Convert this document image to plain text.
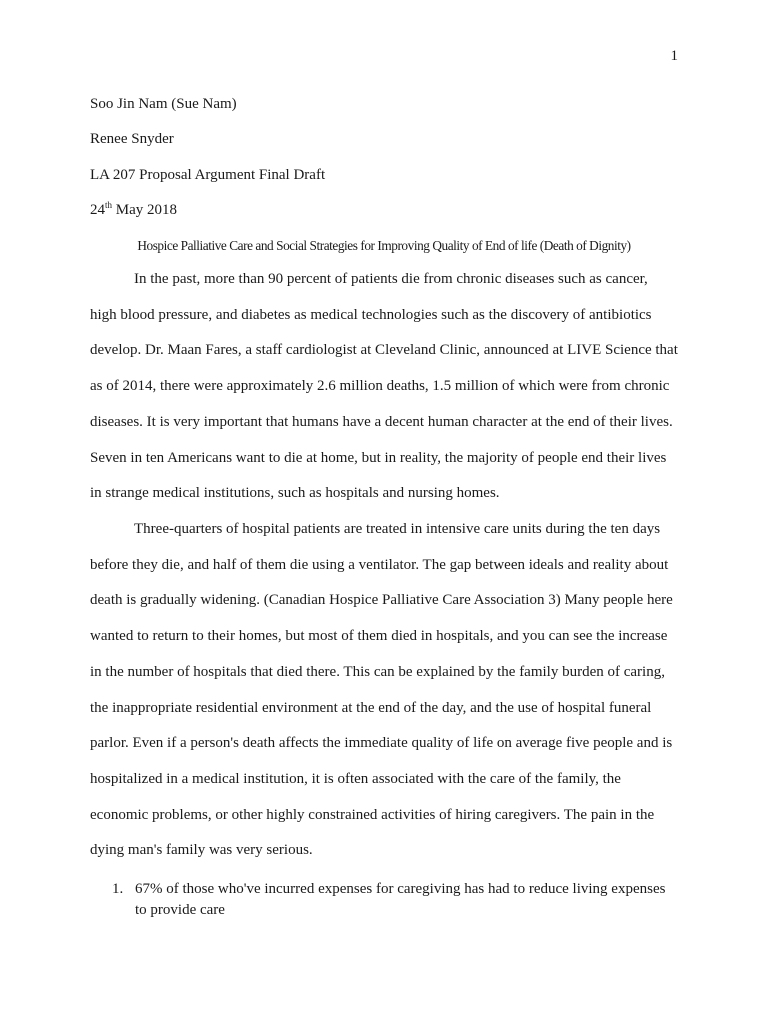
1
Soo Jin Nam (Sue Nam)
Renee Snyder
LA 207 Proposal Argument Final Draft
24th May 2018
Hospice Palliative Care and Social Strategies for Improving Quality of End of life (Death of Dignity)

In the past, more than 90 percent of patients die from chronic diseases such as cancer, high blood pressure, and diabetes as medical technologies such as the discovery of antibiotics develop. Dr. Maan Fares, a staff cardiologist at Cleveland Clinic, announced at LIVE Science that as of 2014, there were approximately 2.6 million deaths, 1.5 million of which were from chronic diseases. It is very important that humans have a decent human character at the end of their lives. Seven in ten Americans want to die at home, but in reality, the majority of people end their lives in strange medical institutions, such as hospitals and nursing homes.

Three-quarters of hospital patients are treated in intensive care units during the ten days before they die, and half of them die using a ventilator. The gap between ideals and reality about death is gradually widening. (Canadian Hospice Palliative Care Association 3) Many people here wanted to return to their homes, but most of them died in hospitals, and you can see the increase in the number of hospitals that died there. This can be explained by the family burden of caring, the inappropriate residential environment at the end of the day, and the use of hospital funeral parlor. Even if a person's death affects the immediate quality of life on average five people and is hospitalized in a medical institution, it is often associated with the care of the family, the economic problems, or other highly constrained activities of hiring caregivers. The pain in the dying man's family was very serious.

1. 67% of those who've incurred expenses for caregiving has had to reduce living expenses to provide care
